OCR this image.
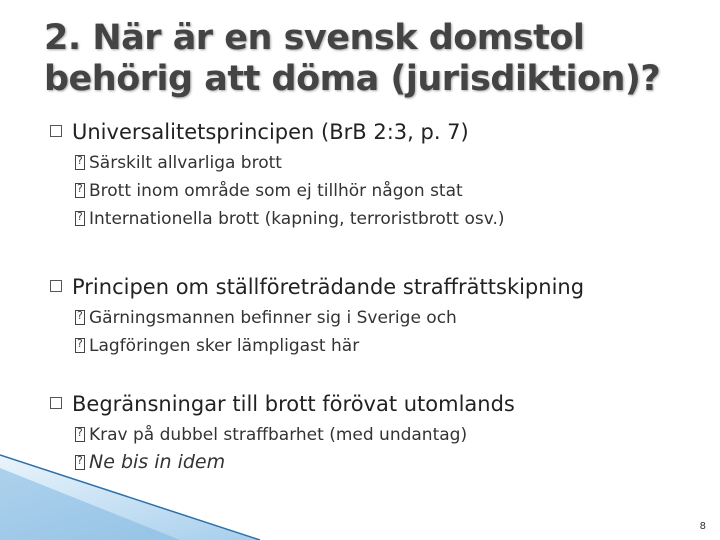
2. När är en svensk domstol
behörig att döma (jurisdiktion)?
Universalitetsprincipen (BrB 2:3, p. 7)
?Särskilt allvarliga brott
?Brott inom område som ej tillhör någon stat
?Internationella brott (kapning, terroristbrott osv.)
Principen om ställföreträdande straffrättskipning
?Gärningsmannen befinner sig i Sverige och
?Lagföringen sker lämpligast här
Begränsningar till brott förövat utomlands
?Krav på dubbel straffbarhet (med undantag)
?Ne bis in idem
8
